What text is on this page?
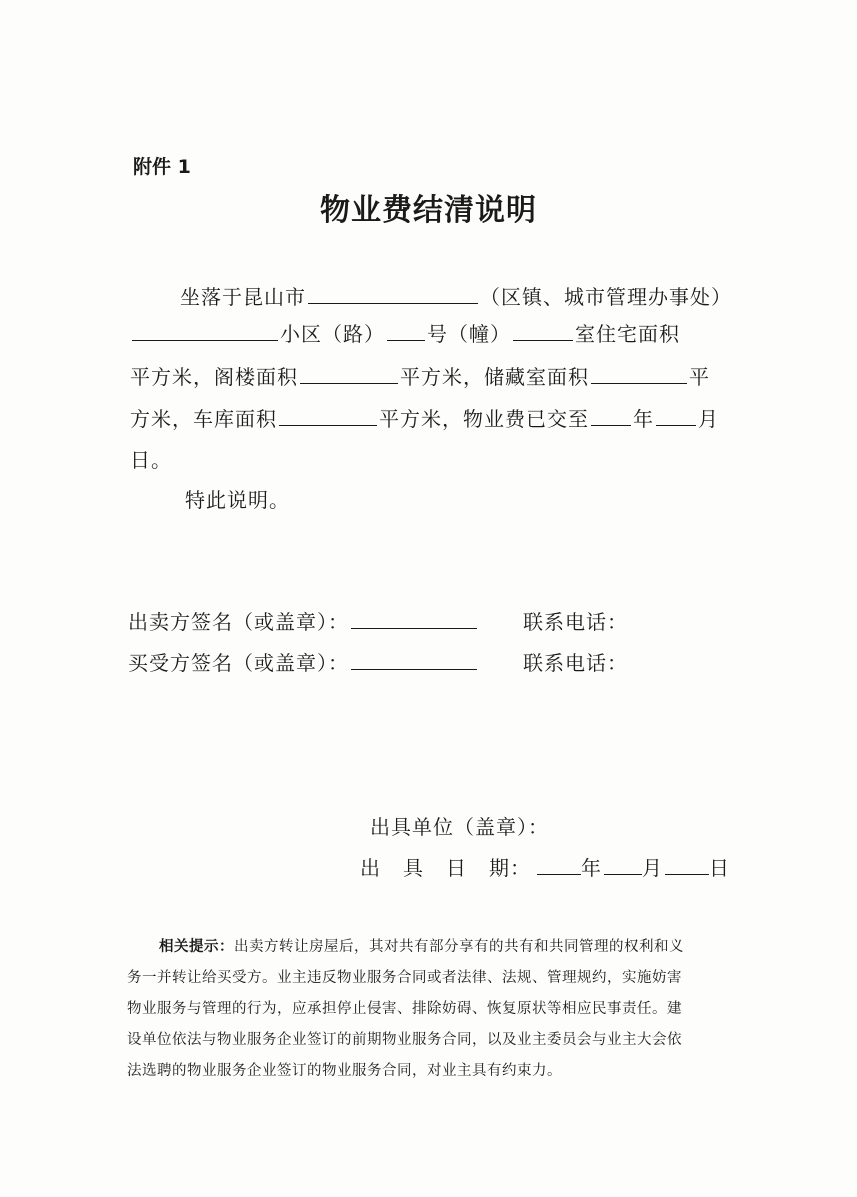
附件 1
物业费结清说明
坐落于昆山市	（区镇、城市管理办事处）
小区（路） 号（幢）	室住宅面积
平方米，阁楼面积	平方米，储藏室面积	平
方米，车库面积	平方米，物业费已交至 年 月
日。
特此说明。
出卖方签名（或盖章）：	联系电话：
买受方签名（或盖章）：	联系电话：
出具单位（盖章）：
出 具 日 期：	年 月 日
相关提示：出卖方转让房屋后，其对共有部分享有的共有和共同管理的权利和义
务一并转让给买受方。业主违反物业服务合同或者法律、法规、管理规约，实施妨害
物业服务与管理的行为，应承担停止侵害、排除妨碍、恢复原状等相应民事责任。建
设单位依法与物业服务企业签订的前期物业服务合同，以及业主委员会与业主大会依
法选聘的物业服务企业签订的物业服务合同，对业主具有约束力。
